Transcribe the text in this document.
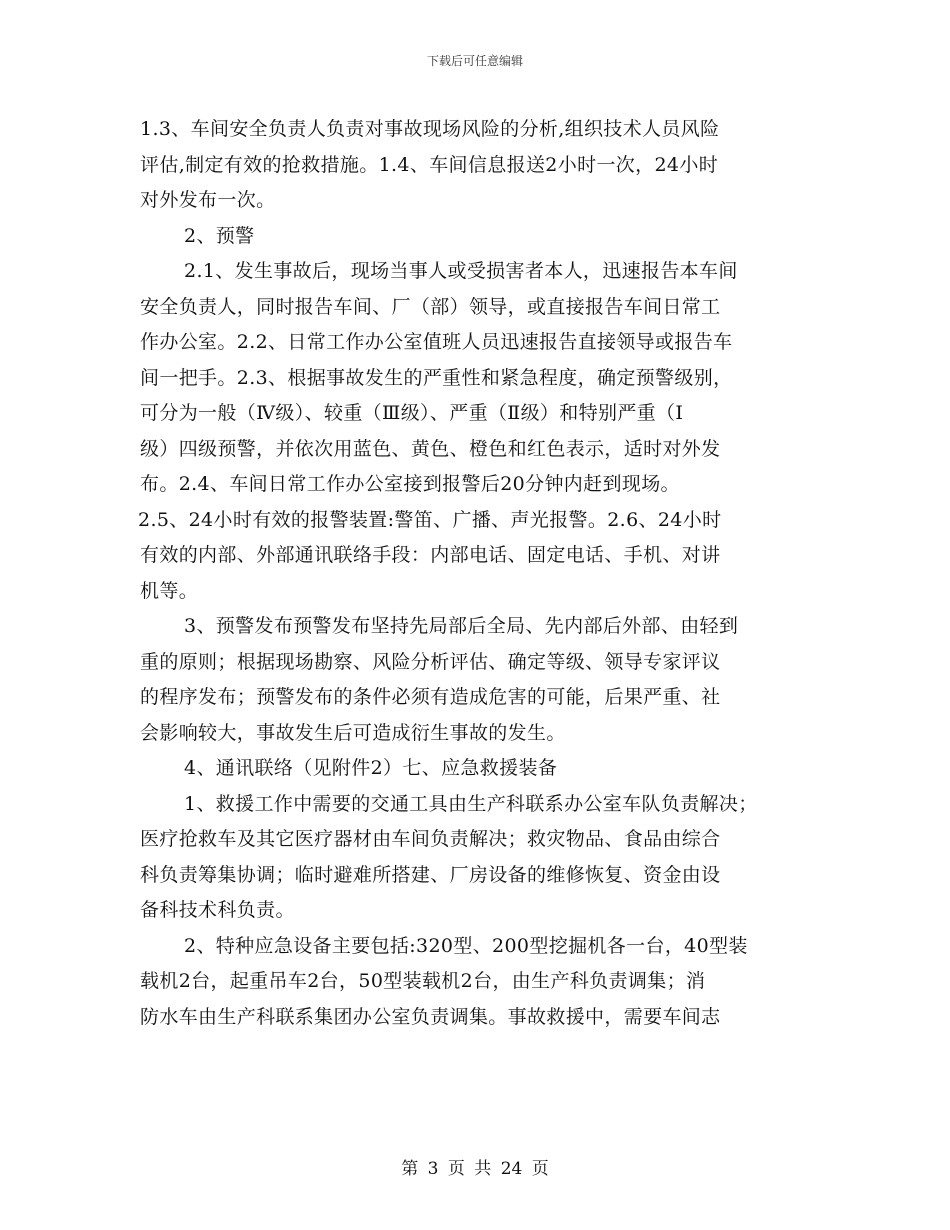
下载后可任意编辑
1.3、车间安全负责人负责对事故现场风险的分析,组织技术人员风险
评估,制定有效的抢救措施。1.4、车间信息报送2小时一次，24小时
对外发布一次。
2、预警
2.1、发生事故后，现场当事人或受损害者本人，迅速报告本车间
安全负责人，同时报告车间、厂（部）领导，或直接报告车间日常工
作办公室。2.2、日常工作办公室值班人员迅速报告直接领导或报告车
间一把手。2.3、根据事故发生的严重性和紧急程度，确定预警级别，
可分为一般（Ⅳ级）、较重（Ⅲ级）、严重（Ⅱ级）和特别严重（Ⅰ
级）四级预警，并依次用蓝色、黄色、橙色和红色表示，适时对外发
布。2.4、车间日常工作办公室接到报警后20分钟内赶到现场。
2.5、24小时有效的报警装置:警笛、广播、声光报警。2.6、24小时
有效的内部、外部通讯联络手段：内部电话、固定电话、手机、对讲
机等。
3、预警发布预警发布坚持先局部后全局、先内部后外部、由轻到
重的原则；根据现场勘察、风险分析评估、确定等级、领导专家评议
的程序发布；预警发布的条件必须有造成危害的可能，后果严重、社
会影响较大，事故发生后可造成衍生事故的发生。
4、通讯联络（见附件2）七、应急救援装备
1、救援工作中需要的交通工具由生产科联系办公室车队负责解决；
医疗抢救车及其它医疗器材由车间负责解决；救灾物品、食品由综合
科负责筹集协调；临时避难所搭建、厂房设备的维修恢复、资金由设
备科技术科负责。
2、特种应急设备主要包括:320型、200型挖掘机各一台，40型装
载机2台，起重吊车2台，50型装载机2台，由生产科负责调集；消
防水车由生产科联系集团办公室负责调集。事故救援中，需要车间志
第 3 页 共 24 页
